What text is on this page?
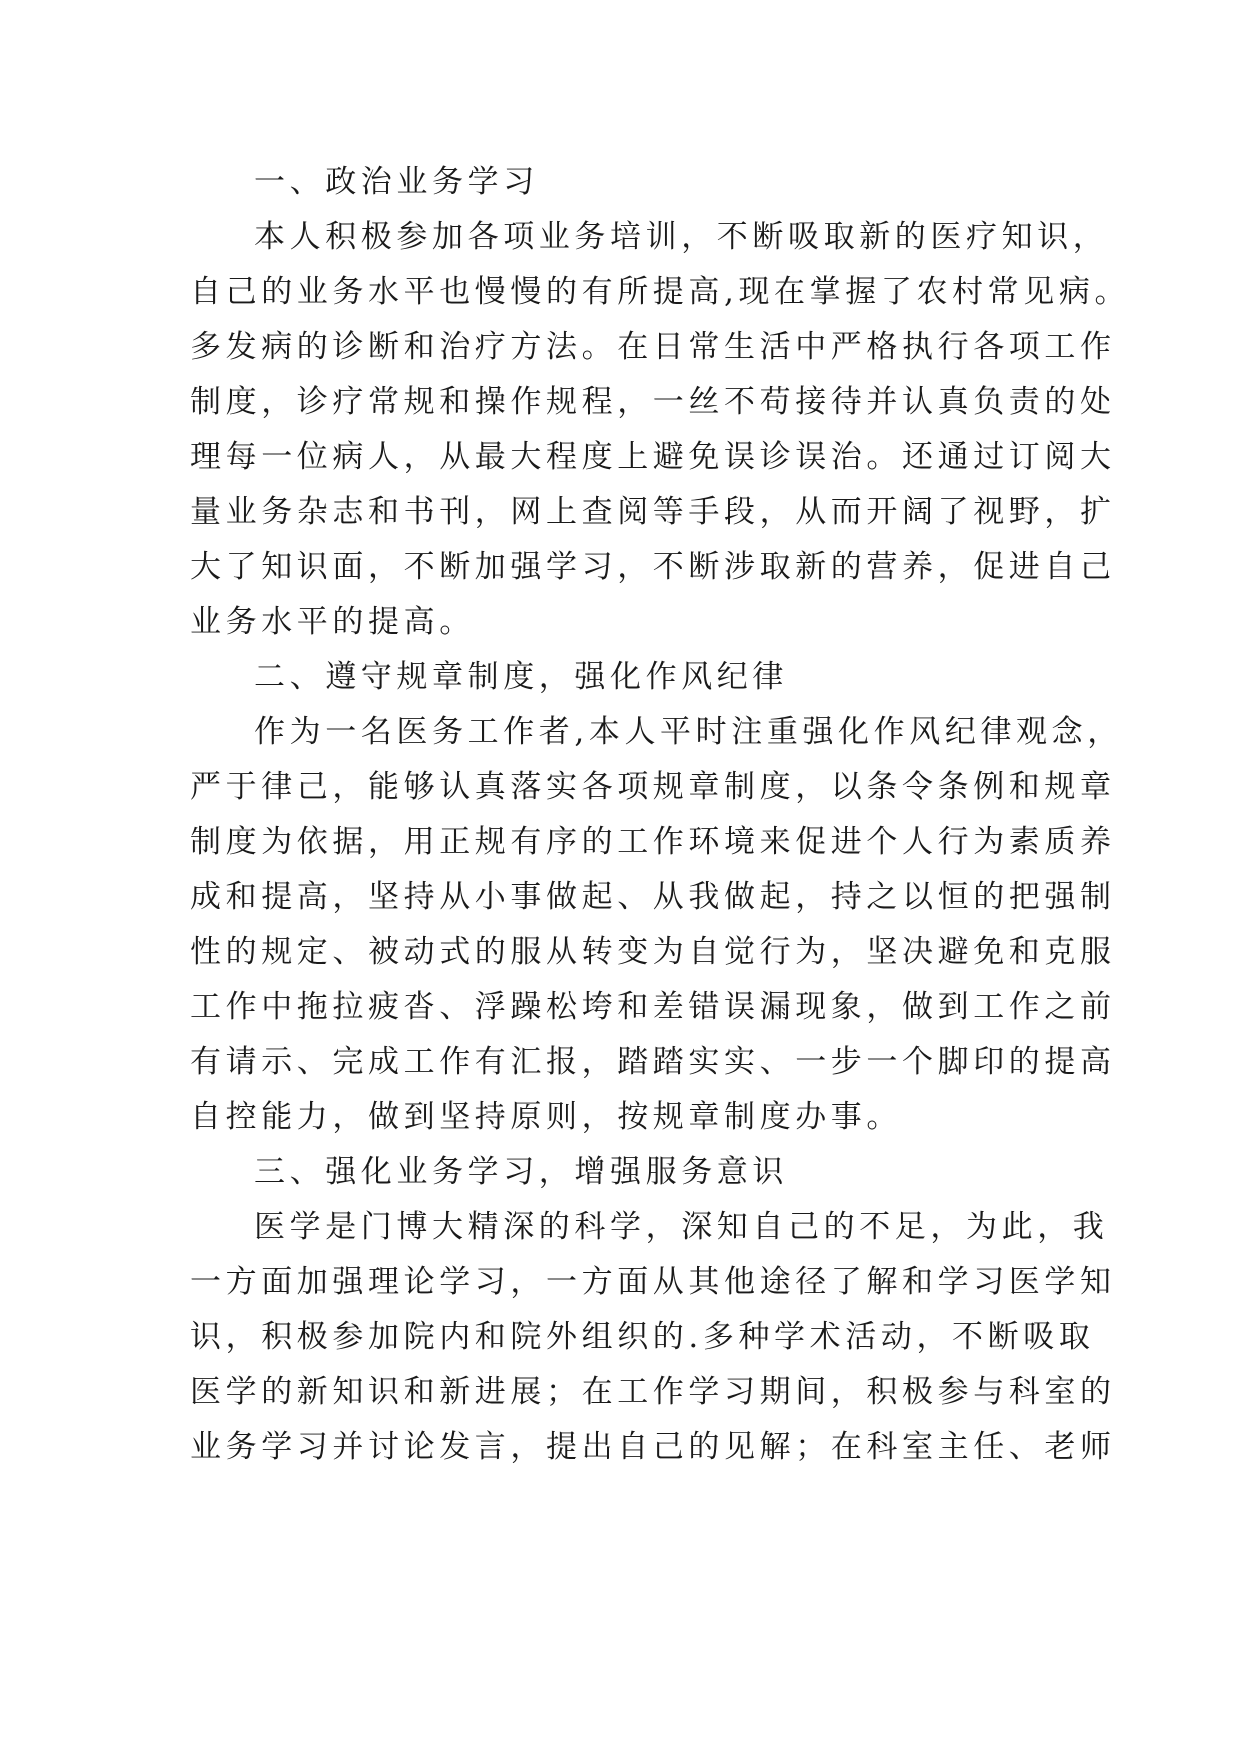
一、政治业务学习
本人积极参加各项业务培训，不断吸取新的医疗知识，
自己的业务水平也慢慢的有所提高,现在掌握了农村常见病。
多发病的诊断和治疗方法。在日常生活中严格执行各项工作
制度，诊疗常规和操作规程，一丝不苟接待并认真负责的处
理每一位病人，从最大程度上避免误诊误治。还通过订阅大
量业务杂志和书刊，网上查阅等手段，从而开阔了视野，扩
大了知识面，不断加强学习，不断涉取新的营养，促进自己
业务水平的提高。
二、遵守规章制度，强化作风纪律
作为一名医务工作者,本人平时注重强化作风纪律观念，
严于律己，能够认真落实各项规章制度，以条令条例和规章
制度为依据，用正规有序的工作环境来促进个人行为素质养
成和提高，坚持从小事做起、从我做起，持之以恒的把强制
性的规定、被动式的服从转变为自觉行为，坚决避免和克服
工作中拖拉疲沓、浮躁松垮和差错误漏现象，做到工作之前
有请示、完成工作有汇报，踏踏实实、一步一个脚印的提高
自控能力，做到坚持原则，按规章制度办事。
三、强化业务学习，增强服务意识
医学是门博大精深的科学，深知自己的不足，为此，我
一方面加强理论学习，一方面从其他途径了解和学习医学知
识，积极参加院内和院外组织的.多种学术活动，不断吸取
医学的新知识和新进展；在工作学习期间，积极参与科室的
业务学习并讨论发言，提出自己的见解；在科室主任、老师
